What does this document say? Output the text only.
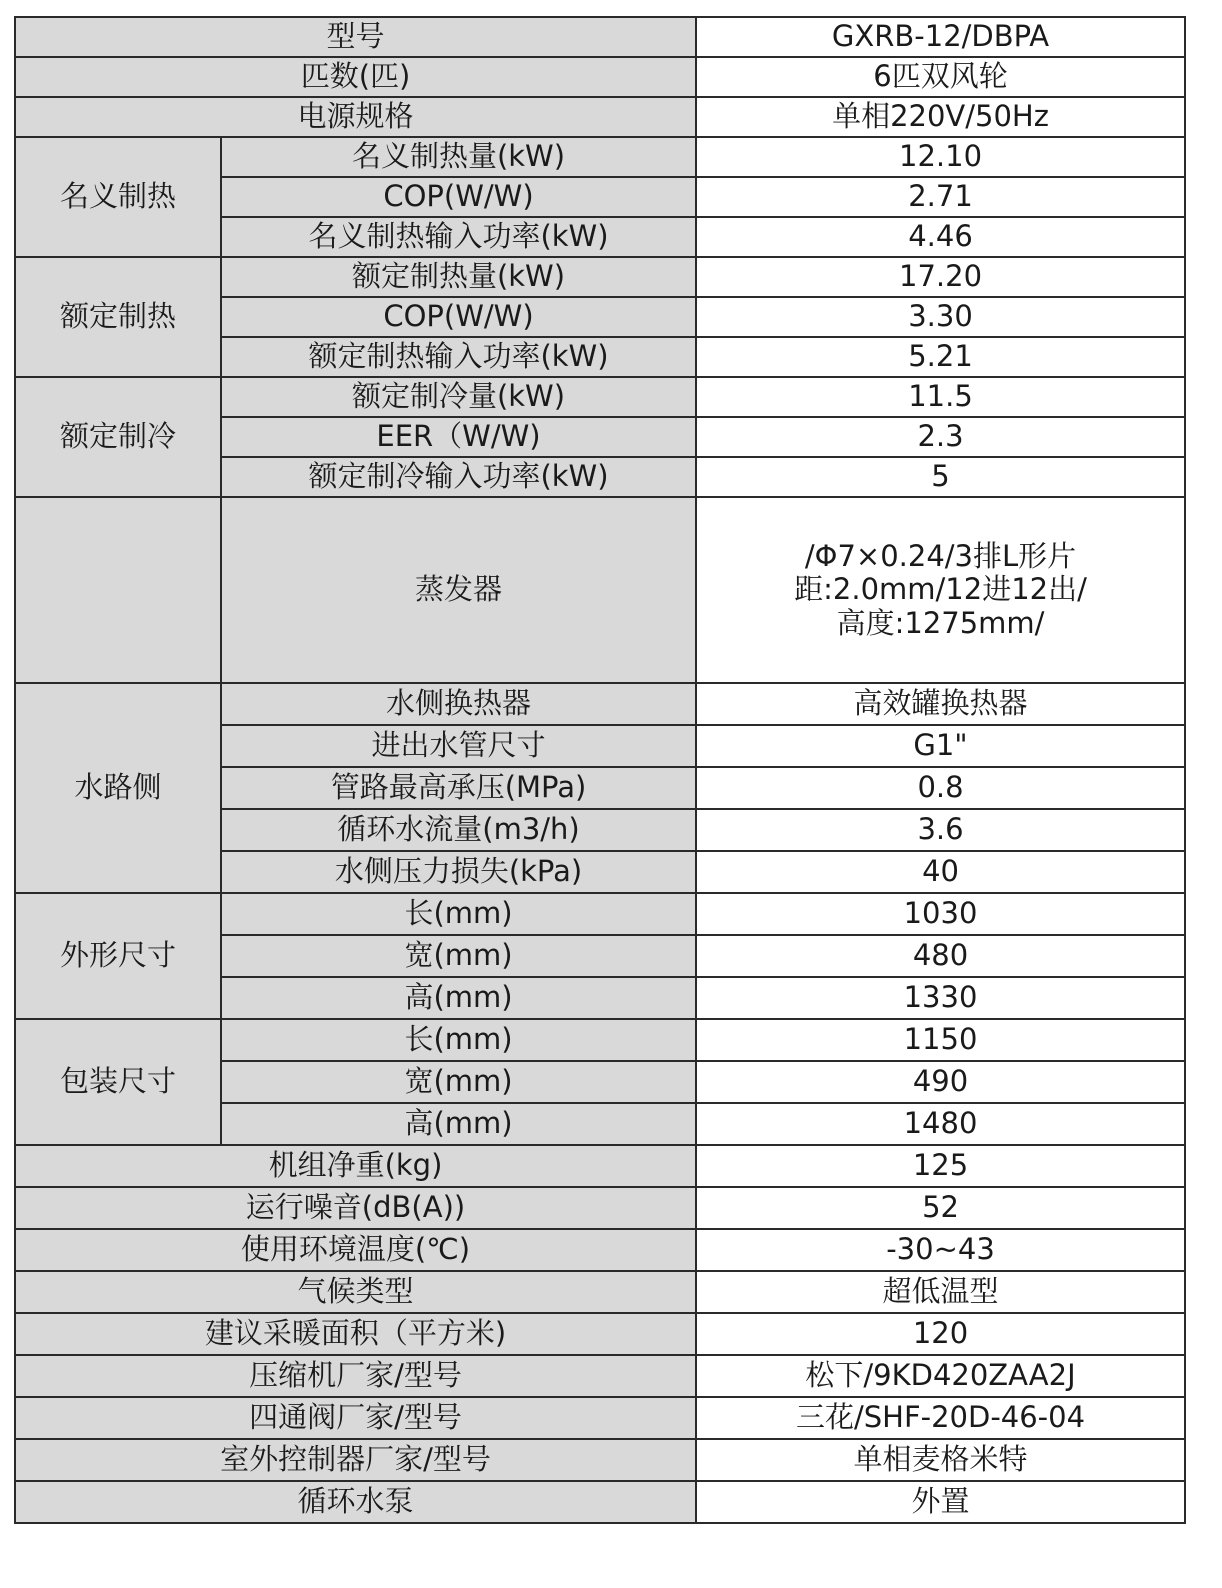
型号		GXRB-12/DBPA
匹数(匹)		6匹双风轮
电源规格		单相220V/50Hz
名义制热	名义制热量(kW)	12.10
	COP(W/W)	2.71
	名义制热输入功率(kW)	4.46
额定制热	额定制热量(kW)	17.20
	COP(W/W)	3.30
	额定制热输入功率(kW)	5.21
额定制冷	额定制冷量(kW)	11.5
	EER（W/W)	2.3
	额定制冷输入功率(kW)	5
	蒸发器	/Φ7×0.24/3排L形片
距:2.0mm/12进12出/
高度:1275mm/

水路侧	水侧换热器	高效罐换热器
	进出水管尺寸	G1"
	管路最高承压(MPa)	0.8
	循环水流量(m3/h)	3.6
	水侧压力损失(kPa)	40
外形尺寸	长(mm)	1030
	宽(mm)	480
	高(mm)	1330
包装尺寸	长(mm)	1150
	宽(mm)	490
	高(mm)	1480
机组净重(kg)		125
运行噪音(dB(A))		52
使用环境温度(℃)		-30~43
气候类型		超低温型
建议采暖面积（平方米)		120
压缩机厂家/型号		松下/9KD420ZAA2J
四通阀厂家/型号		三花/SHF-20D-46-04
室外控制器厂家/型号		单相麦格米特
循环水泵		外置
